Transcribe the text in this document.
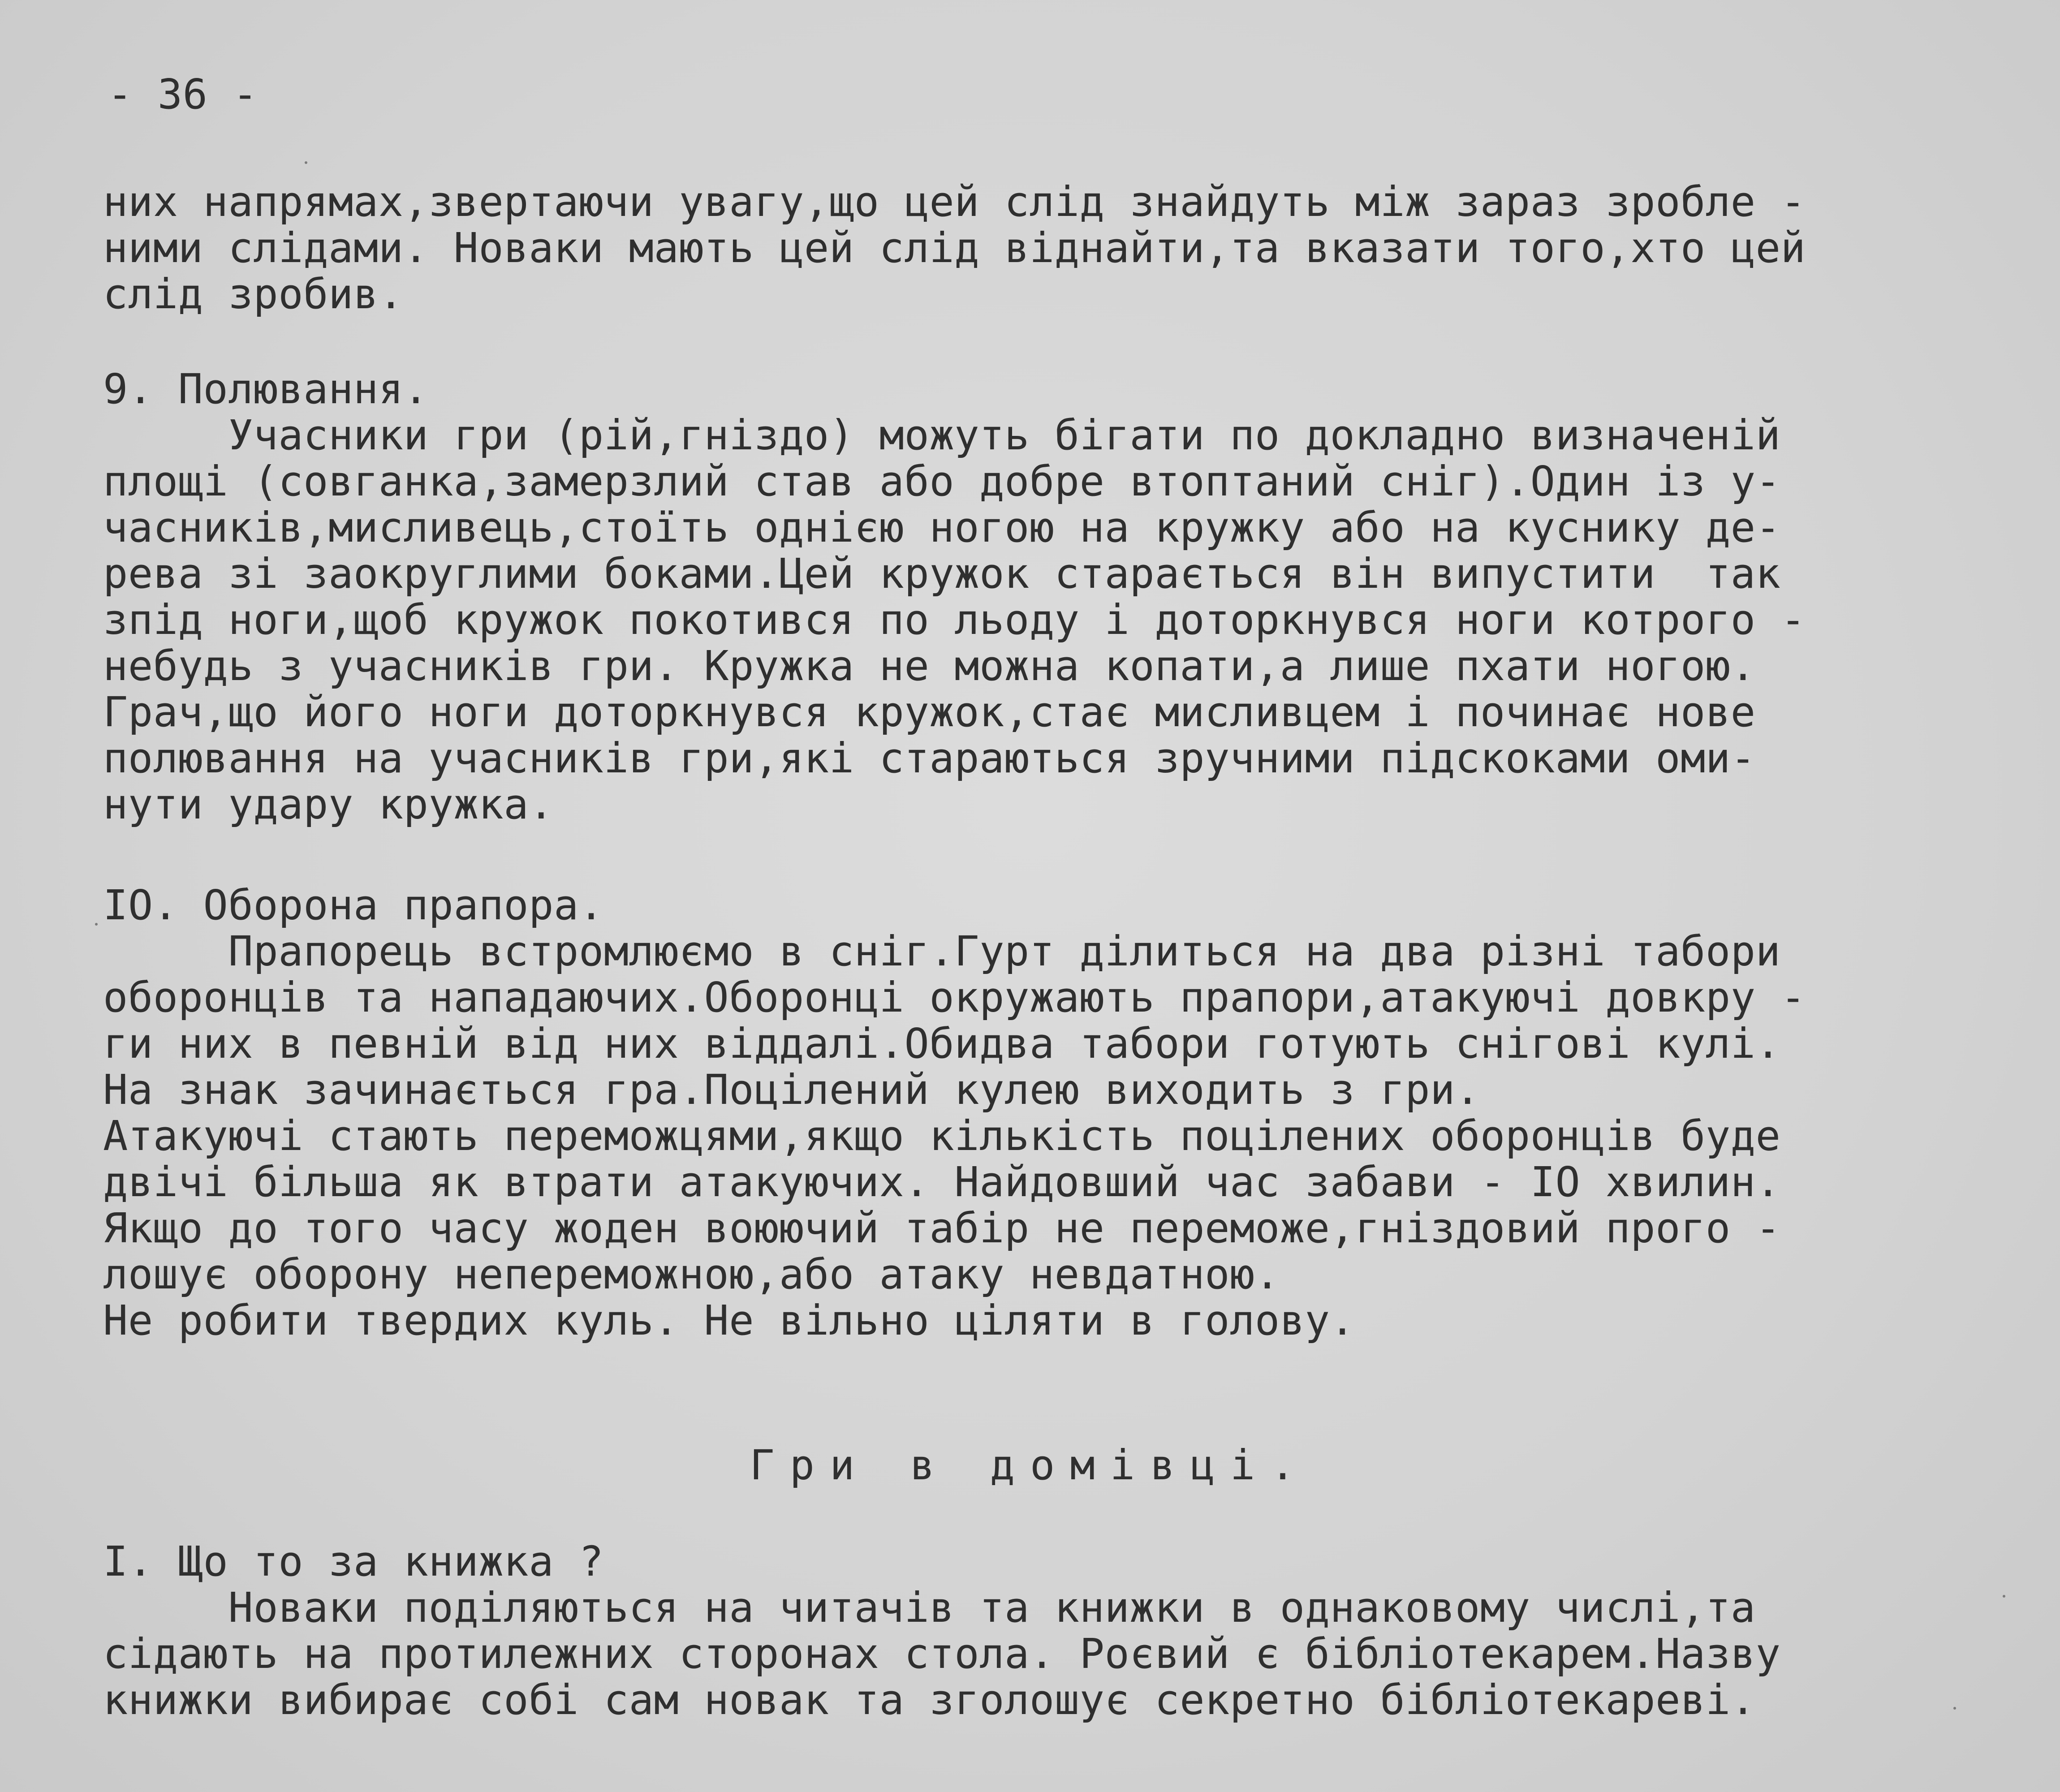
- 36 -
них напрямах,звертаючи увагу,що цей слід знайдуть між зараз зробле -
ними слідами. Новаки мають цей слід віднайти,та вказати того,хто цей
слід зробив.
9. Полювання.
Учасники гри (рій,гніздо) можуть бігати по докладно визначеній
площі (совганка,замерзлий став або добре втоптаний сніг).Один із у-
часників,мисливець,стоїть однією ногою на кружку або на куснику де-
рева зі заокруглими боками.Цей кружок старається він випустити  так
зпід ноги,щоб кружок покотився по льоду і доторкнувся ноги котрого -
небудь з учасників гри. Кружка не можна копати,а лише пхати ногою.
Грач,що його ноги доторкнувся кружок,стає мисливцем і починає нове
полювання на учасників гри,які стараються зручними підскоками оми-
нути удару кружка.
IO. Оборона прапора.
Прапорець встромлюємо в сніг.Гурт ділиться на два різні табори
оборонців та нападаючих.Оборонці окружають прапори,атакуючі довкру -
ги них в певній від них віддалі.Обидва табори готують снігові кулі.
На знак зачинається гра.Поцілений кулею виходить з гри.
Атакуючі стають переможцями,якщо кількість поцілених оборонців буде
двічі більша як втрати атакуючих. Найдовший час забави - IO хвилин.
Якщо до того часу жоден воюючий табір не переможе,гніздовий прого -
лошує оборону непереможною,або атаку невдатною.
Не робити твердих куль. Не вільно ціляти в голову.
Гри в домівці.
I. Що то за книжка ?
Новаки поділяються на читачів та книжки в однаковому числі,та
сідають на протилежних сторонах стола. Роєвий є бібліотекарем.Назву
книжки вибирає собі сам новак та зголошує секретно бібліотекареві.
